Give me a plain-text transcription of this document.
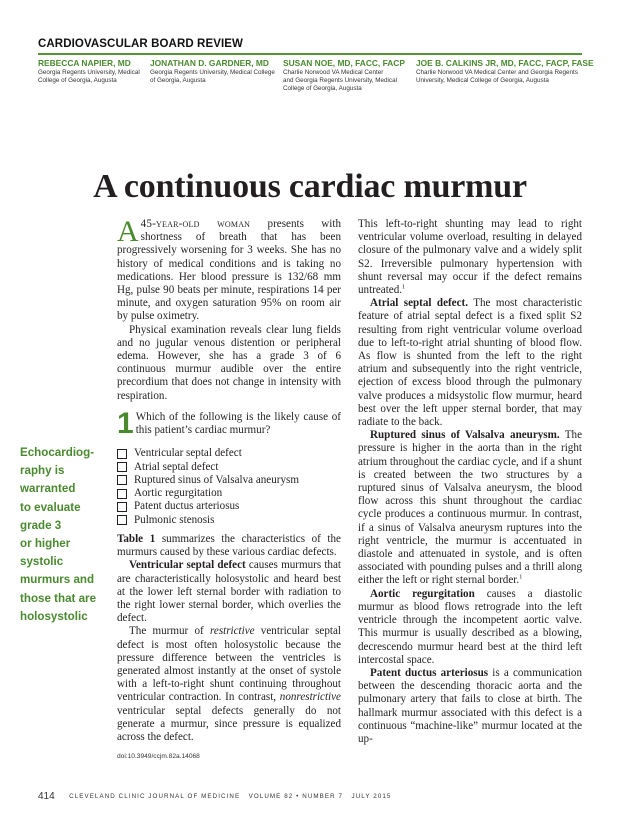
CARDIOVASCULAR BOARD REVIEW
REBECCA NAPIER, MD
Georgia Regents University, Medical
College of Georgia, Augusta
JONATHAN D. GARDNER, MD
Georgia Regents University, Medical College
of Georgia, Augusta
SUSAN NOE, MD, FACC, FACP
Charlie Norwood VA Medical Center
and Georgia Regents University, Medical
College of Georgia, Augusta
JOE B. CALKINS JR, MD, FACC, FACP, FASE
Charlie Norwood VA Medical Center and Georgia Regents
University, Medical College of Georgia, Augusta
A continuous cardiac murmur

A 45-year-old woman presents with shortness of breath that has been progressively worsening for 3 weeks. She has no history of medical conditions and is taking no medications. Her blood pressure is 132/68 mm Hg, pulse 90 beats per minute, respirations 14 per minute, and oxygen saturation 95% on room air by pulse oximetry.

Physical examination reveals clear lung fields and no jugular venous distention or peripheral edema. However, she has a grade 3 of 6 continuous murmur audible over the entire precordium that does not change in intensity with respiration.

1 Which of the following is the likely cause of this patient’s cardiac murmur?

Ventricular septal defect
Atrial septal defect
Ruptured sinus of Valsalva aneurysm
Aortic regurgitation
Patent ductus arteriosus
Pulmonic stenosis

Table 1 summarizes the characteristics of the murmurs caused by these various cardiac defects.

Ventricular septal defect causes murmurs that are characteristically holosystolic and heard best at the lower left sternal border with radiation to the right lower sternal border, which overlies the defect.

The murmur of restrictive ventricular septal defect is most often holosystolic because the pressure difference between the ventricles is generated almost instantly at the onset of systole with a left-to-right shunt continuing throughout ventricular contraction. In contrast, nonrestrictive ventricular septal defects generally do not generate a murmur, since pressure is equalized across the defect.

doi:10.3949/ccjm.82a.14068

This left-to-right shunting may lead to right ventricular volume overload, resulting in delayed closure of the pulmonary valve and a widely split S2. Irreversible pulmonary hypertension with shunt reversal may occur if the defect remains untreated.$^1$

Atrial septal defect. The most characteristic feature of atrial septal defect is a fixed split S2 resulting from right ventricular volume overload due to left-to-right atrial shunting of blood flow. As flow is shunted from the left to the right atrium and subsequently into the right ventricle, ejection of excess blood through the pulmonary valve produces a midsystolic flow murmur, heard best over the left upper sternal border, that may radiate to the back.

Ruptured sinus of Valsalva aneurysm. The pressure is higher in the aorta than in the right atrium throughout the cardiac cycle, and if a shunt is created between the two structures by a ruptured sinus of Valsalva aneurysm, the blood flow across this shunt throughout the cardiac cycle produces a continuous murmur. In contrast, if a sinus of Valsalva aneurysm ruptures into the right ventricle, the murmur is accentuated in diastole and attenuated in systole, and is often associated with pounding pulses and a thrill along either the left or right sternal border.$^1$

Aortic regurgitation causes a diastolic murmur as blood flows retrograde into the left ventricle through the incompetent aortic valve. This murmur is usually described as a blowing, decrescendo murmur heard best at the third left intercostal space.

Patent ductus arteriosus is a communication between the descending thoracic aorta and the pulmonary artery that fails to close at birth. The hallmark murmur associated with this defect is a continuous “machine-like” murmur located at the up-

Echocardiog-
raphy is
warranted
to evaluate
grade 3
or higher
systolic
murmurs and
those that are
holosystolic
414 CLEVELAND CLINIC JOURNAL OF MEDICINE VOLUME 82 • NUMBER 7 JULY 2015
